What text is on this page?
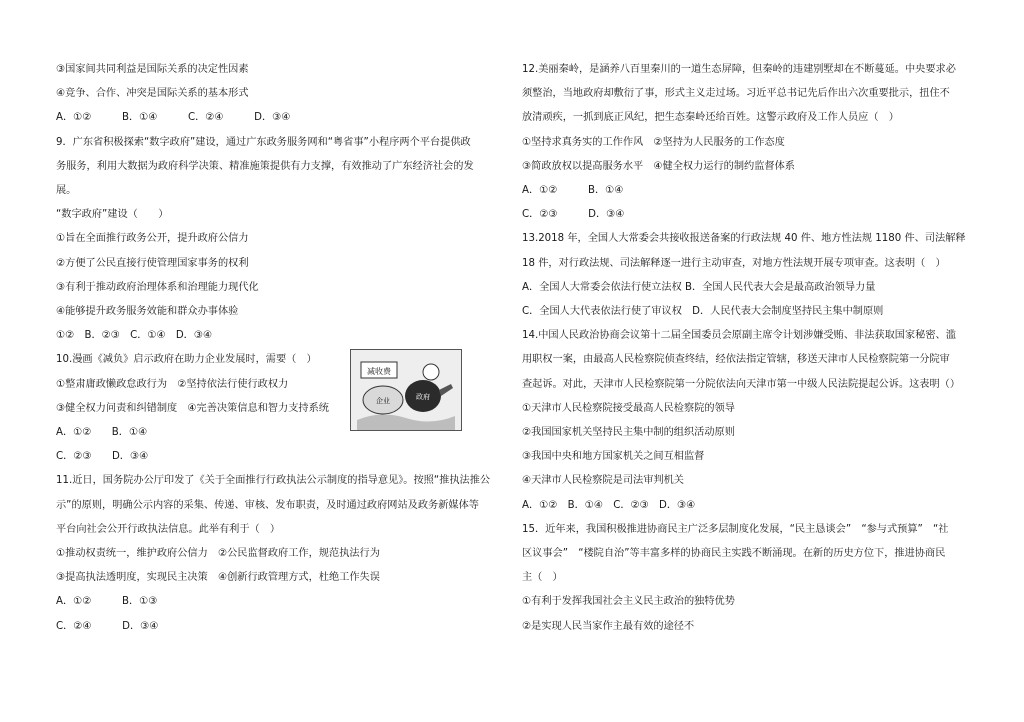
③国家间共同利益是国际关系的决定性因素
④竞争、合作、冲突是国际关系的基本形式
A．①②　　　B．①④　　　C．②④　　　D．③④
9．广东省积极探索“数字政府”建设，通过广东政务服务网和“粤省事”小程序两个平台提供政
务服务，利用大数据为政府科学决策、精准施策提供有力支撑，有效推动了广东经济社会的发
展。
“数字政府”建设（　　）
①旨在全面推行政务公开，提升政府公信力
②方便了公民直接行使管理国家事务的权利
③有利于推动政府治理体系和治理能力现代化
④能够提升政务服务效能和群众办事体验
①②　B．②③　C．①④　D．③④
10.漫画《减负》启示政府在助力企业发展时，需要（　）
①整肃庸政懒政怠政行为　②坚持依法行使行政权力
③健全权力问责和纠错制度　④完善决策信息和智力支持系统
A．①②　　B．①④
C．②③　　D．③④
11.近日，国务院办公厅印发了《关于全面推行行政执法公示制度的指导意见》。按照“推执法推公
示”的原则，明确公示内容的采集、传递、审核、发布职责，及时通过政府网站及政务新媒体等
平台向社会公开行政执法信息。此举有利于（　）
①推动权责统一，维护政府公信力　②公民监督政府工作，规范执法行为
③提高执法透明度，实现民主决策　④创新行政管理方式，杜绝工作失误
A．①②　　　B．①③
C．②④　　　D．③④
减收费
企业	政府
12.美丽秦岭，是涵养八百里秦川的一道生态屏障，但秦岭的违建别墅却在不断蔓延。中央要求必
须整治，当地政府却敷衍了事，形式主义走过场。习近平总书记先后作出六次重要批示，扭住不
放清顽疾，一抓到底正风纪，把生态秦岭还给百姓。这警示政府及工作人员应（　）
①坚持求真务实的工作作风　②坚持为人民服务的工作态度
③简政放权以提高服务水平　④健全权力运行的制约监督体系
A．①②　　　B．①④
C．②③　　　D．③④
13.2018 年，全国人大常委会共接收报送备案的行政法规 40 件、地方性法规 1180 件、司法解释
18 件，对行政法规、司法解释逐一进行主动审查，对地方性法规开展专项审查。这表明（　）
A．全国人大常委会依法行使立法权 B．全国人民代表大会是最高政治领导力量
C．全国人大代表依法行使了审议权　D．人民代表大会制度坚持民主集中制原则
14.中国人民政治协商会议第十二届全国委员会原副主席令计划涉嫌受贿、非法获取国家秘密、滥
用职权一案，由最高人民检察院侦查终结，经依法指定管辖，移送天津市人民检察院第一分院审
查起诉。对此，天津市人民检察院第一分院依法向天津市第一中级人民法院提起公诉。这表明（）
①天津市人民检察院接受最高人民检察院的领导
②我国国家机关坚持民主集中制的组织活动原则
③我国中央和地方国家机关之间互相监督
④天津市人民检察院是司法审判机关
A．①②　B．①④　C．②③　D．③④
15．近年来，我国积极推进协商民主广泛多层制度化发展，“民主恳谈会”　“参与式预算”　“社
区议事会”　“楼院自治”等丰富多样的协商民主实践不断涌现。在新的历史方位下，推进协商民
主（　）
①有利于发挥我国社会主义民主政治的独特优势
②是实现人民当家作主最有效的途径不
